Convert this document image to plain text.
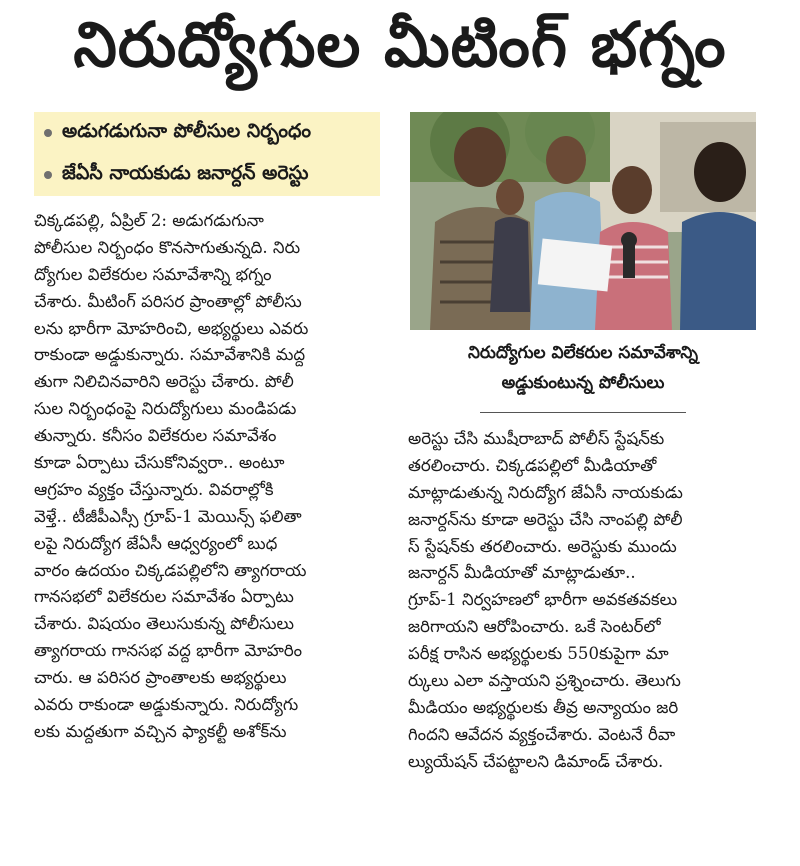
నిరుద్యోగుల మీటింగ్ భగ్నం
అడుగడుగునా పోలీసుల నిర్బంధం
జేఏసీ నాయకుడు జనార్దన్ అరెస్టు
నిరుద్యోగుల విలేకరుల సమావేశాన్ని
అడ్డుకుంటున్న పోలీసులు
చిక్కడపల్లి, ఏప్రిల్ 2: అడుగడుగునా
పోలీసుల నిర్బంధం కొనసాగుతున్నది. నిరు
ద్యోగుల విలేకరుల సమావేశాన్ని భగ్నం
చేశారు. మీటింగ్ పరిసర ప్రాంతాల్లో పోలీసు
లను భారీగా మోహరించి, అభ్యర్థులు ఎవరు
రాకుండా అడ్డుకున్నారు. సమావేశానికి మద్ద
తుగా నిలిచినవారిని అరెస్టు చేశారు. పోలీ
సుల నిర్బంధంపై నిరుద్యోగులు మండిపడు
తున్నారు. కనీసం విలేకరుల సమావేశం
కూడా ఏర్పాటు చేసుకోనివ్వరా.. అంటూ
ఆగ్రహం వ్యక్తం చేస్తున్నారు. వివరాల్లోకి
వెళ్తే.. టీజీపీఎస్సీ గ్రూప్-1 మెయిన్స్ ఫలితా
లపై నిరుద్యోగ జేఏసీ ఆధ్వర్యంలో బుధ
వారం ఉదయం చిక్కడపల్లిలోని త్యాగరాయ
గానసభలో విలేకరుల సమావేశం ఏర్పాటు
చేశారు. విషయం తెలుసుకున్న పోలీసులు
త్యాగరాయ గానసభ వద్ద భారీగా మోహరిం
చారు. ఆ పరిసర ప్రాంతాలకు అభ్యర్థులు
ఎవరు రాకుండా అడ్డుకున్నారు. నిరుద్యోగు
లకు మద్దతుగా వచ్చిన ఫ్యాకల్టీ అశోక్‌ను
అరెస్టు చేసి ముషీరాబాద్ పోలీస్ స్టేషన్‌కు
తరలించారు. చిక్కడపల్లిలో మీడియాతో
మాట్లాడుతున్న నిరుద్యోగ జేఏసీ నాయకుడు
జనార్దన్‌ను కూడా అరెస్టు చేసి నాంపల్లి పోలీ
స్ స్టేషన్‌కు తరలించారు. అరెస్టుకు ముందు
జనార్దన్ మీడియాతో మాట్లాడుతూ..
గ్రూప్-1 నిర్వహణలో భారీగా అవకతవకలు
జరిగాయని ఆరోపించారు. ఒకే సెంటర్‌లో
పరీక్ష రాసిన అభ్యర్థులకు 550కుపైగా మా
ర్కులు ఎలా వస్తాయని ప్రశ్నించారు. తెలుగు
మీడియం అభ్యర్థులకు తీవ్ర అన్యాయం జరి
గిందని ఆవేదన వ్యక్తంచేశారు. వెంటనే రీవా
ల్యుయేషన్ చేపట్టాలని డిమాండ్ చేశారు.
